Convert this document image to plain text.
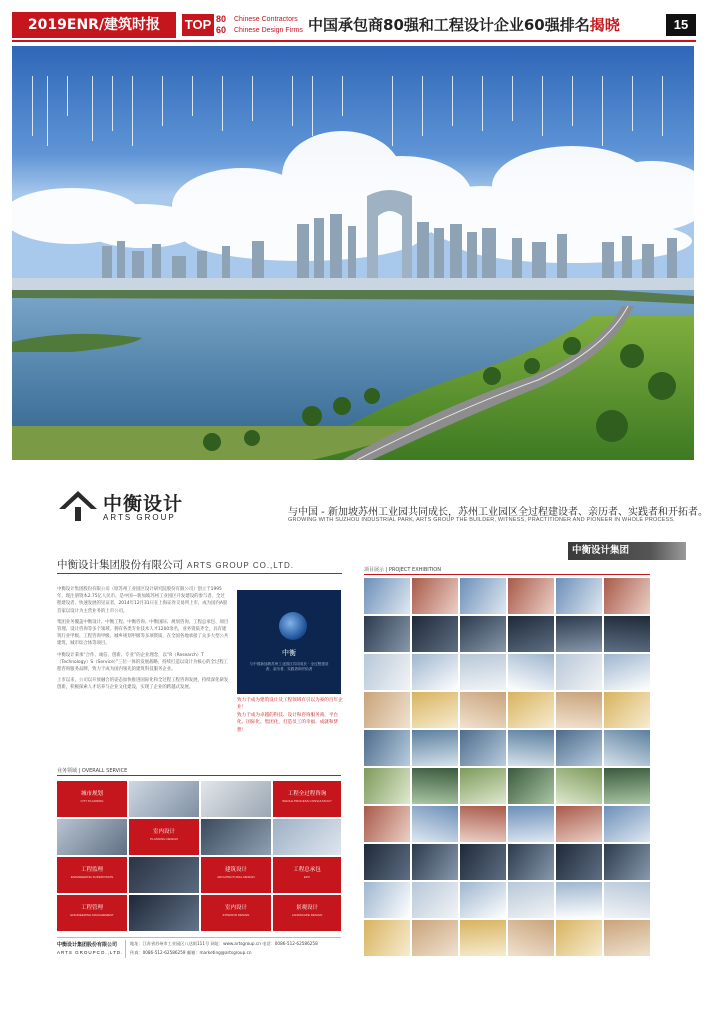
2019ENR/建筑时报	TOP 80
60
Chinese Contractors
Chinese Design Firms 中国承包商80强和工程设计企业60强排名揭晓	15
中衡设计
ARTS GROUP	与中国 - 新加坡苏州工业园共同成长，苏州工业园区全过程建设者、亲历者、实践者和开拓者。
GROWING WITH SUZHOU INDUSTRIAL PARK, ARTS GROUP THE BUILDER, WITNESS, PRACTITIONER AND PIONEER IN WHOLE PROCESS.
中衡设计集团股份有限公司 ARTS GROUP CO.,LTD.

中衡设计集团股份有限公司（原苏州工业园区设计研究院股份有限公司）创立于1995年，现注册资本2.75亿人民币，是中国—新加坡苏州工业园区开发建设的参与者、全过程建设者、快速发展的见证者，2014年12月31日在上海证券交易所上市，成为国内A股首家以设计为主营业务的上市公司。

集团业务覆盖中衡设计、中衡工程、中衡咨询、中衡国际、规划咨询、工程总承包、项目管理、设计咨询等多个领域，拥有各类专业技术人才1200余名，业务资质齐全，具有建筑行业甲级、工程咨询甲级、城乡规划甲级等多项资质，在全国各地承接了众多大型公共建筑、城市综合体等项目。

中衡设计秉承“合作、诚信、创新、专业”的企业理念，以“R（Research）T（Technology）S（Service）”三位一体的发展战略，持续打造以设计为核心的全过程工程咨询服务品牌，致力于成为国内领先的建筑科技服务企业。

上市以来，公司以开放融合的姿态加快推进国际化和全过程工程咨询发展，持续深化研发创新，积极探索人才培养与企业文化建设，实现了企业的跨越式发展。

中衡
与中国新加坡苏州工业园区共同成长 · 全过程建设者、亲历者、实践者和开拓者
致力于成为建筑设计及工程领域有引以为豪的百年企业！
致力于成为卓越的科技、设计和咨询服务商，平台化、国际化、集团化，打造员工的幸福、成就和梦想！
业务领域 | OVERALL SERVICE
城市规划
CITY PLANNING
工程全过程咨询
WHOLE PROCESS CONSULTANCY
室内设计
PLANNING DESIGN
工程监理
ENGINEERING SUPERVISION
建筑设计
ARCHITECTURAL DESIGN
工程总承包
EPC
工程管理
ENGINEERING MANAGEMENT
室内设计
INTERIOR DESIGN
景观设计
LANDSCAPE DESIGN
中衡设计集团股份有限公司
ARTS GROUPCO.,LTD.
地址：江苏省苏州市工业园区八达街111号 网址：www.artsgroup.cn 电话：0086-512-62586258
传真：0086-512-62586259 邮箱：marketing@artsgroup.cn
中衡设计集团
项目展示 | PROJECT EXHIBITION
